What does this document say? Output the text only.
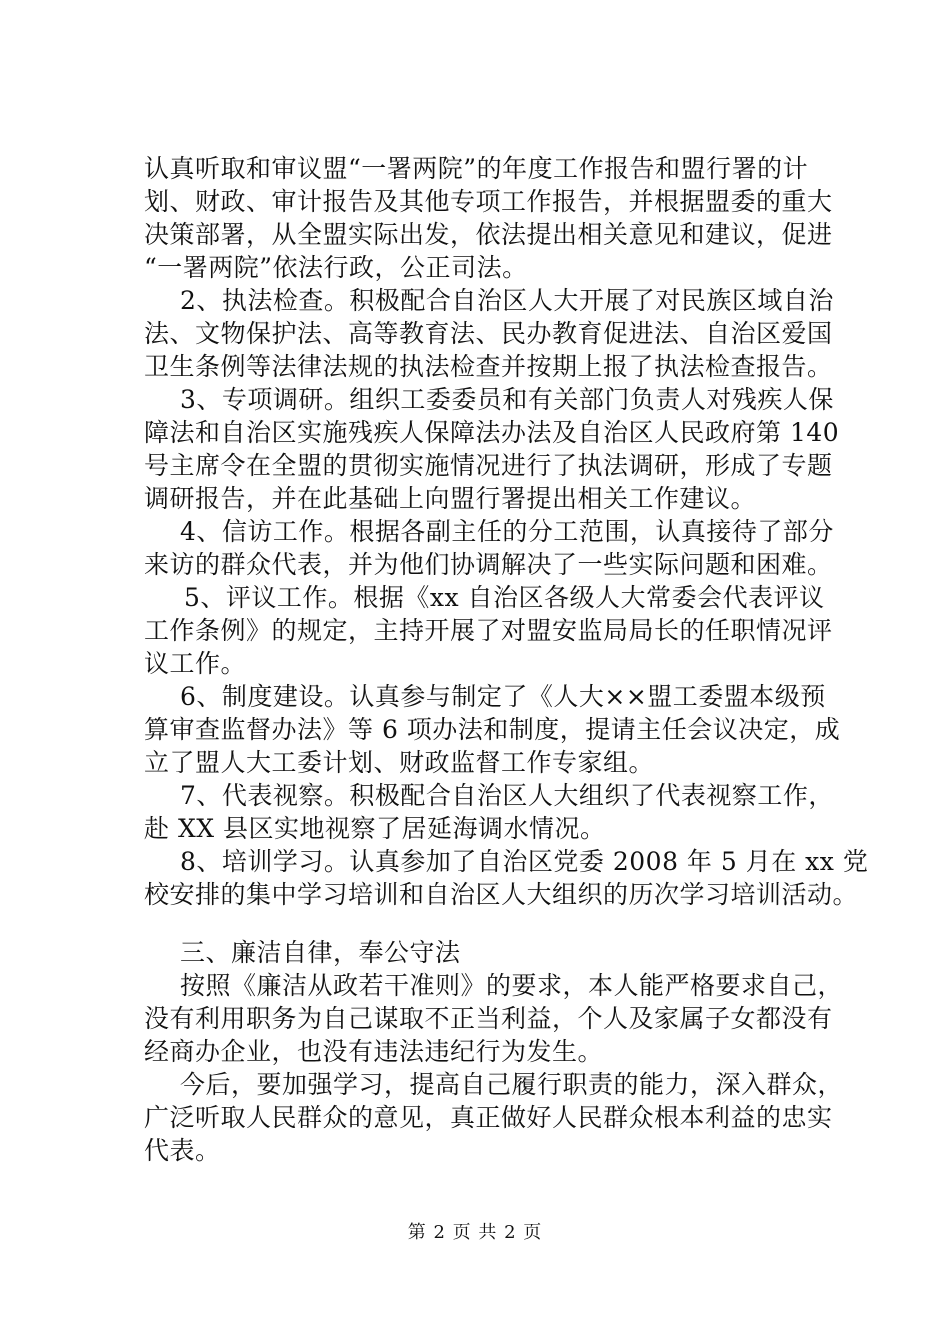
认真听取和审议盟“一署两院”的年度工作报告和盟行署的计
划、财政、审计报告及其他专项工作报告，并根据盟委的重大
决策部署，从全盟实际出发，依法提出相关意见和建议，促进
“一署两院”依法行政，公正司法。
2、执法检查。积极配合自治区人大开展了对民族区域自治
法、文物保护法、高等教育法、民办教育促进法、自治区爱国
卫生条例等法律法规的执法检查并按期上报了执法检查报告。
3、专项调研。组织工委委员和有关部门负责人对残疾人保
障法和自治区实施残疾人保障法办法及自治区人民政府第 140
号主席令在全盟的贯彻实施情况进行了执法调研，形成了专题
调研报告，并在此基础上向盟行署提出相关工作建议。
4、信访工作。根据各副主任的分工范围，认真接待了部分
来访的群众代表，并为他们协调解决了一些实际问题和困难。
5、评议工作。根据《xx 自治区各级人大常委会代表评议
工作条例》的规定，主持开展了对盟安监局局长的任职情况评
议工作。
6、制度建设。认真参与制定了《人大××盟工委盟本级预
算审查监督办法》等 6 项办法和制度，提请主任会议决定，成
立了盟人大工委计划、财政监督工作专家组。
7、代表视察。积极配合自治区人大组织了代表视察工作，
赴 XX 县区实地视察了居延海调水情况。
8、培训学习。认真参加了自治区党委 2008 年 5 月在 xx 党
校安排的集中学习培训和自治区人大组织的历次学习培训活动。
三、廉洁自律，奉公守法
按照《廉洁从政若干准则》的要求，本人能严格要求自己，
没有利用职务为自己谋取不正当利益，个人及家属子女都没有
经商办企业，也没有违法违纪行为发生。
今后，要加强学习，提高自己履行职责的能力，深入群众，
广泛听取人民群众的意见，真正做好人民群众根本利益的忠实
代表。
第 2 页 共 2 页
